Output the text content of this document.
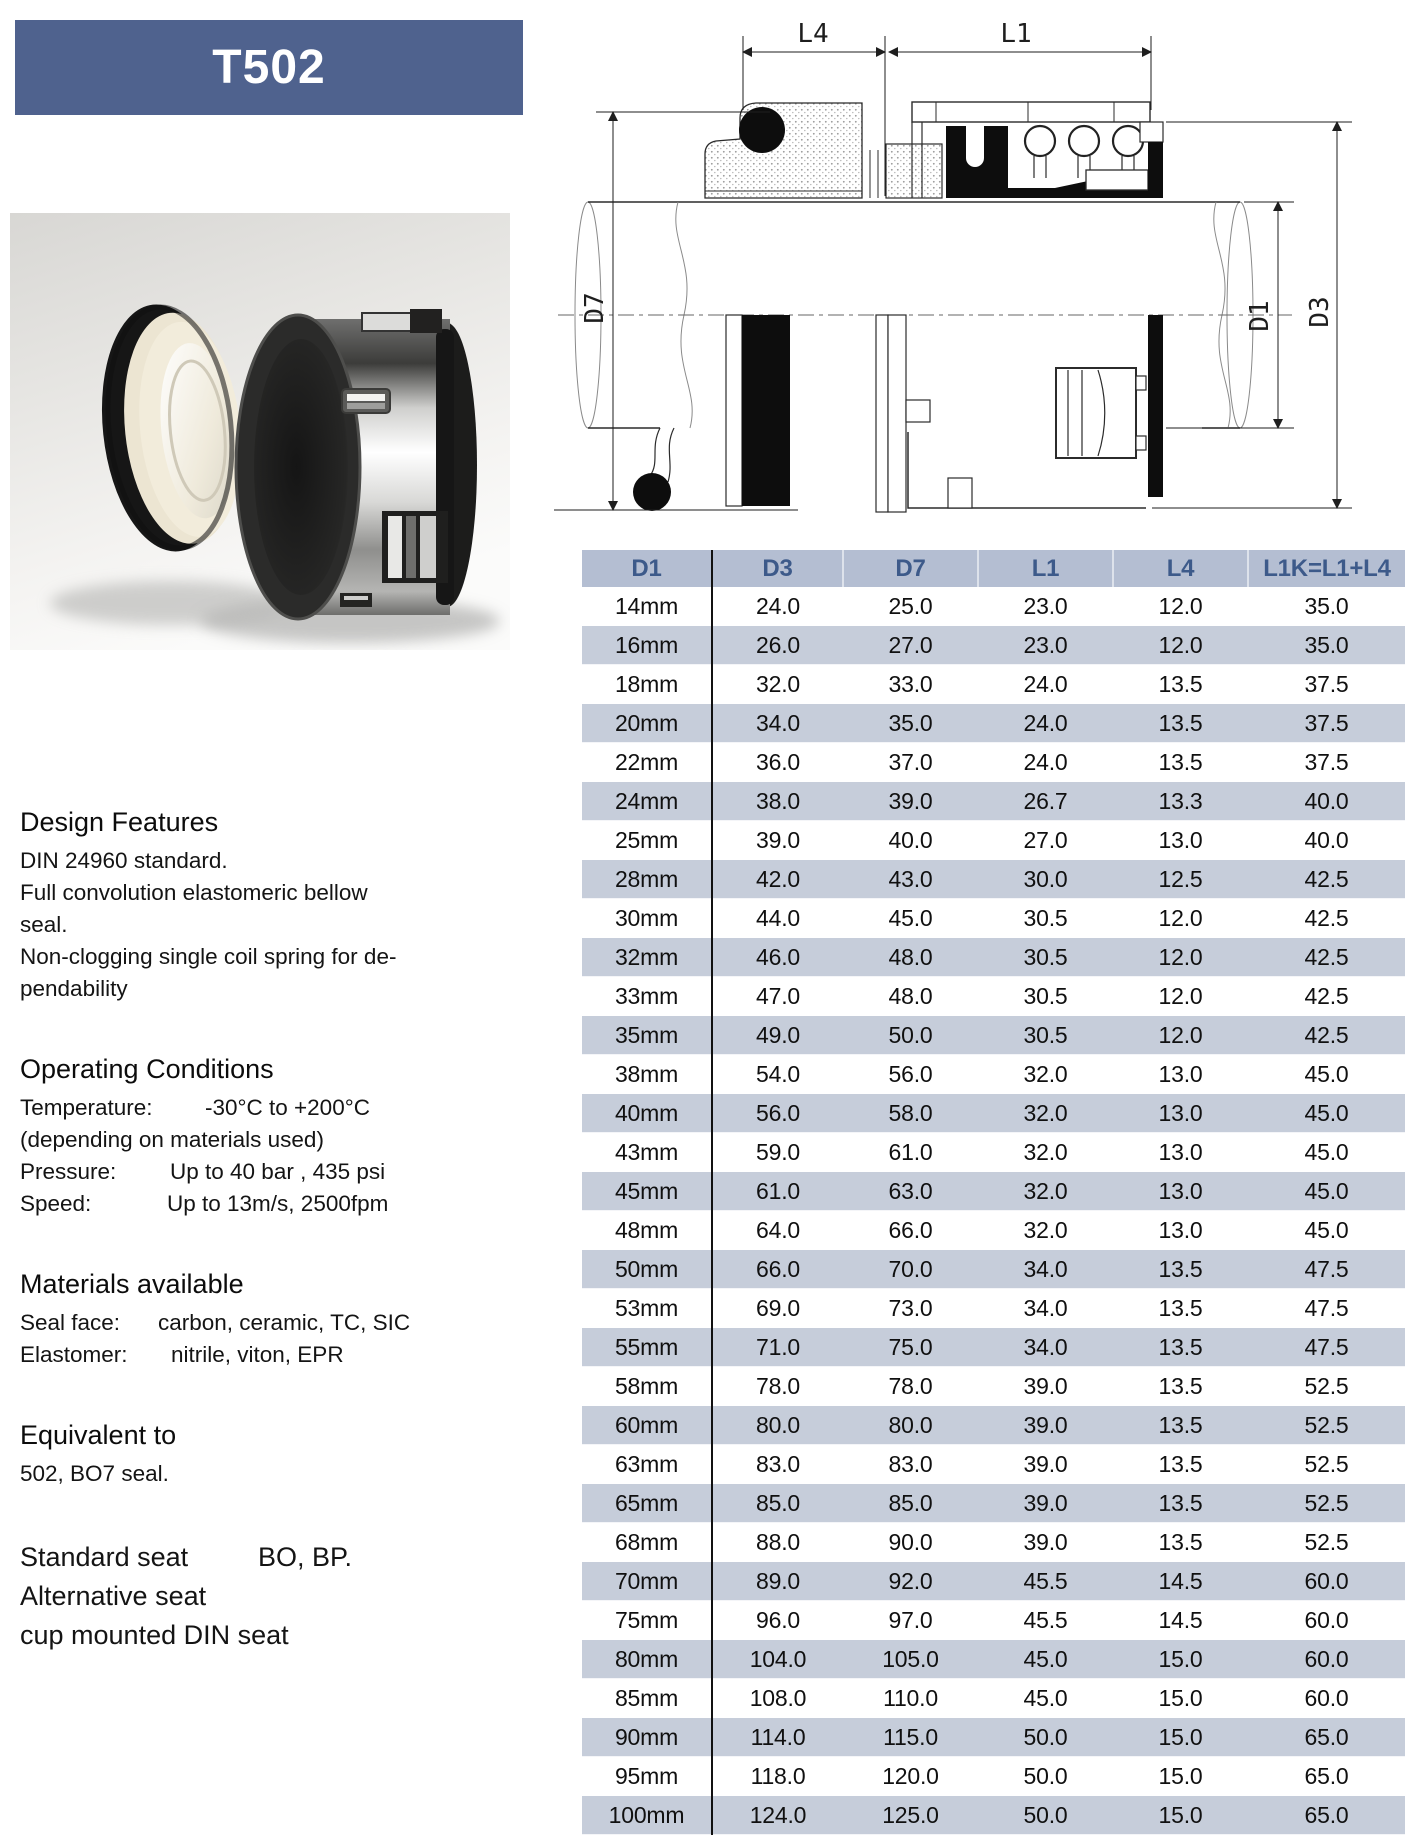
T502
Design Features
DIN 24960 standard.
Full convolution elastomeric bellow
seal.
Non-clogging single coil spring for de-
pendability
Operating Conditions
Temperature:	-30°C to +200°C
(depending on materials used)
Pressure:	Up to 40 bar , 435 psi
Speed:	Up to 13m/s, 2500fpm
Materials available
Seal face:	carbon, ceramic, TC, SIC
Elastomer:	nitrile, viton, EPR
Equivalent to
502, BO7 seal.
Standard seat	BO, BP.
Alternative seat
cup mounted DIN seat
L4	L1
D7	D1 D3
D1	D3	D7	L1	L4	L1K=L1+L4
14mm	24.0	25.0	23.0	12.0	35.0
16mm	26.0	27.0	23.0	12.0	35.0
18mm	32.0	33.0	24.0	13.5	37.5
20mm	34.0	35.0	24.0	13.5	37.5
22mm	36.0	37.0	24.0	13.5	37.5
24mm	38.0	39.0	26.7	13.3	40.0
25mm	39.0	40.0	27.0	13.0	40.0
28mm	42.0	43.0	30.0	12.5	42.5
30mm	44.0	45.0	30.5	12.0	42.5
32mm	46.0	48.0	30.5	12.0	42.5
33mm	47.0	48.0	30.5	12.0	42.5
35mm	49.0	50.0	30.5	12.0	42.5
38mm	54.0	56.0	32.0	13.0	45.0
40mm	56.0	58.0	32.0	13.0	45.0
43mm	59.0	61.0	32.0	13.0	45.0
45mm	61.0	63.0	32.0	13.0	45.0
48mm	64.0	66.0	32.0	13.0	45.0
50mm	66.0	70.0	34.0	13.5	47.5
53mm	69.0	73.0	34.0	13.5	47.5
55mm	71.0	75.0	34.0	13.5	47.5
58mm	78.0	78.0	39.0	13.5	52.5
60mm	80.0	80.0	39.0	13.5	52.5
63mm	83.0	83.0	39.0	13.5	52.5
65mm	85.0	85.0	39.0	13.5	52.5
68mm	88.0	90.0	39.0	13.5	52.5
70mm	89.0	92.0	45.5	14.5	60.0
75mm	96.0	97.0	45.5	14.5	60.0
80mm	104.0	105.0	45.0	15.0	60.0
85mm	108.0	110.0	45.0	15.0	60.0
90mm	114.0	115.0	50.0	15.0	65.0
95mm	118.0	120.0	50.0	15.0	65.0
100mm	124.0	125.0	50.0	15.0	65.0
